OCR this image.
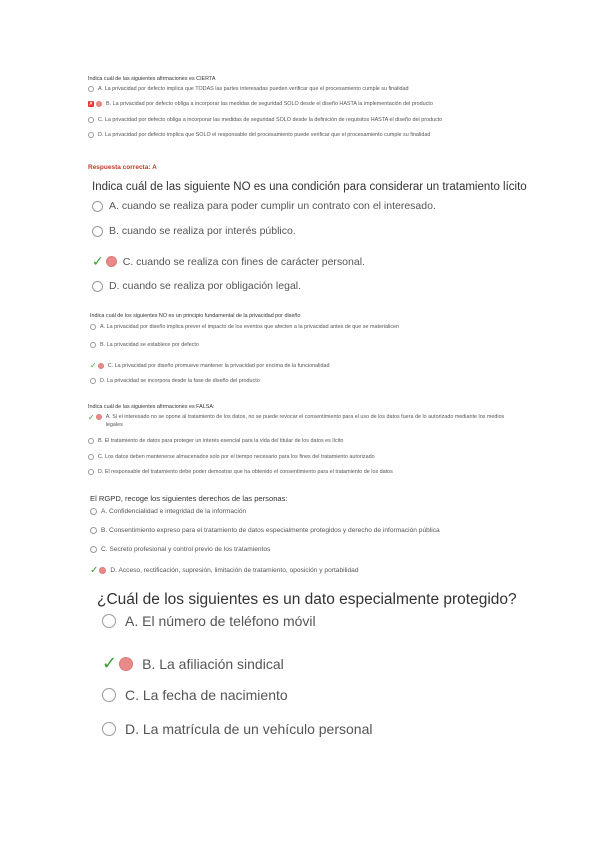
Indica cuál de las siguientes afirmaciones es CIERTA
A. La privacidad por defecto implica que TODAS las partes interesadas pueden verificar que el procesamiento cumple su finalidad
✗ B. La privacidad por defecto obliga a incorporar las medidas de seguridad SOLO desde el diseño HASTA la implementación del producto
C. La privacidad por defecto obliga a incorporar las medidas de seguridad SOLO desde la definición de requisitos HASTA el diseño del producto
D. La privacidad por defecto implica que SOLO el responsable del procesamiento puede verificar que el procesamiento cumple su finalidad
Respuesta correcta: A
Indica cuál de las siguiente NO es una condición para considerar un tratamiento lícito
A. cuando se realiza para poder cumplir un contrato con el interesado.
B. cuando se realiza por interés público.
✓ C. cuando se realiza con fines de carácter personal.
D. cuando se realiza por obligación legal.
Indica cuál de los siguientes NO es un principio fundamental de la privacidad por diseño
A. La privacidad por diseño implica prever el impacto de los eventos que afecten a la privacidad antes de que se materialicen
B. La privacidad se establece por defecto
✓ C. La privacidad por diseño promueve mantener la privacidad por encima de la funcionalidad
D. La privacidad se incorpora desde la fase de diseño del producto
Indica cuál de las siguientes afirmaciones es FALSA:
✓ A. Si el interesado no se opone al tratamiento de los datos, no se puede revocar el consentimiento para el uso de los datos fuera de lo autorizado mediante los medios legales
B. El tratamiento de datos para proteger un interés esencial para la vida del titular de los datos es lícito
C. Los datos deben mantenerse almacenados solo por el tiempo necesario para los fines del tratamiento autorizado
D. El responsable del tratamiento debe poder demostrar que ha obtenido el consentimiento para el tratamiento de los datos
El RGPD, recoge los siguientes derechos de las personas:
A. Confidencialidad e integridad de la información
B. Consentimiento expreso para el tratamiento de datos especialmente protegidos y derecho de información pública
C. Secreto profesional y control previo de los tratamientos
✓ D. Acceso, rectificación, supresión, limitación de tratamiento, oposición y portabilidad
¿Cuál de los siguientes es un dato especialmente protegido?
A. El número de teléfono móvil
✓ B. La afiliación sindical
C. La fecha de nacimiento
D. La matrícula de un vehículo personal
